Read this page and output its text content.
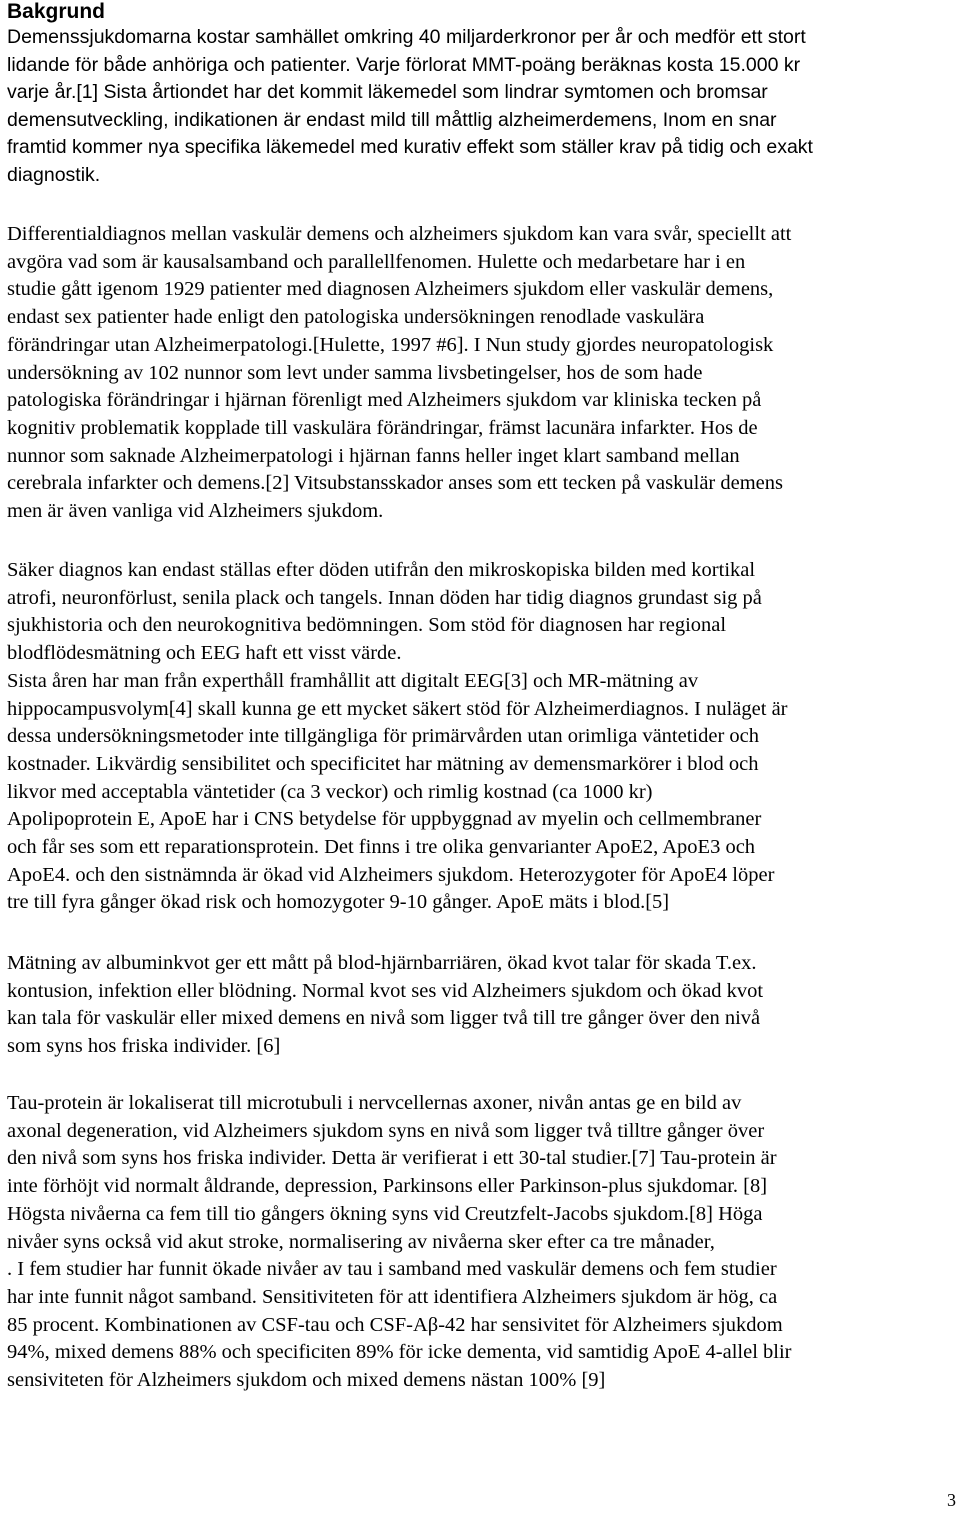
Bakgrund
Demenssjukdomarna kostar samhället omkring 40 miljarderkronor per år och medför ett stort
lidande för både anhöriga och patienter. Varje förlorat MMT-poäng beräknas kosta 15.000 kr
varje år.[1] Sista årtiondet har det kommit läkemedel som lindrar symtomen och bromsar
demensutveckling, indikationen är endast mild till måttlig alzheimerdemens, Inom en snar
framtid kommer nya specifika läkemedel med kurativ effekt som ställer krav på tidig och exakt
diagnostik.
Differentialdiagnos mellan vaskulär demens och alzheimers sjukdom kan vara svår, speciellt att
avgöra vad som är kausalsamband och parallellfenomen. Hulette och medarbetare har i en
studie gått igenom 1929 patienter med diagnosen Alzheimers sjukdom eller vaskulär demens,
endast sex patienter hade enligt den patologiska undersökningen renodlade vaskulära
förändringar utan Alzheimerpatologi.[Hulette, 1997 #6]. I Nun study gjordes neuropatologisk
undersökning av 102 nunnor som levt under samma livsbetingelser, hos de som hade
patologiska förändringar i hjärnan förenligt med Alzheimers sjukdom var kliniska tecken på
kognitiv problematik kopplade till vaskulära förändringar, främst lacunära infarkter. Hos de
nunnor som saknade Alzheimerpatologi i hjärnan fanns heller inget klart samband mellan
cerebrala infarkter och demens.[2] Vitsubstansskador anses som ett tecken på vaskulär demens
men är även vanliga vid Alzheimers sjukdom.
Säker diagnos kan endast ställas efter döden utifrån den mikroskopiska bilden med kortikal
atrofi, neuronförlust, senila plack och tangels. Innan döden har tidig diagnos grundast sig på
sjukhistoria och den neurokognitiva bedömningen. Som stöd för diagnosen har regional
blodflödesmätning och EEG haft ett visst värde.
Sista åren har man från experthåll framhållit att digitalt EEG[3] och MR-mätning av
hippocampusvolym[4] skall kunna ge ett mycket säkert stöd för Alzheimerdiagnos. I nuläget är
dessa undersökningsmetoder inte tillgängliga för primärvården utan orimliga väntetider och
kostnader. Likvärdig sensibilitet och specificitet har mätning av demensmarkörer i blod och
likvor med acceptabla väntetider (ca 3 veckor) och rimlig kostnad (ca 1000 kr)
Apolipoprotein E, ApoE har i CNS betydelse för uppbyggnad av myelin och cellmembraner
och får ses som ett reparationsprotein. Det finns i tre olika genvarianter ApoE2, ApoE3 och
ApoE4. och den sistnämnda är ökad vid Alzheimers sjukdom. Heterozygoter för ApoE4 löper
tre till fyra gånger ökad risk och homozygoter 9-10 gånger. ApoE mäts i blod.[5]
Mätning av albuminkvot ger ett mått på blod-hjärnbarriären, ökad kvot talar för skada T.ex.
kontusion, infektion eller blödning. Normal kvot ses vid Alzheimers sjukdom och ökad kvot
kan tala för vaskulär eller mixed demens en nivå som ligger två till tre gånger över den nivå
som syns hos friska individer. [6]
Tau-protein är lokaliserat till microtubuli i nervcellernas axoner, nivån antas ge en bild av
axonal degeneration, vid Alzheimers sjukdom syns en nivå som ligger två tilltre gånger över
den nivå som syns hos friska individer. Detta är verifierat i ett 30-tal studier.[7] Tau-protein är
inte förhöjt vid normalt åldrande, depression, Parkinsons eller Parkinson-plus sjukdomar. [8]
Högsta nivåerna ca fem till tio gångers ökning syns vid Creutzfelt-Jacobs sjukdom.[8] Höga
nivåer syns också vid akut stroke, normalisering av nivåerna sker efter ca tre månader,
. I fem studier har funnit ökade nivåer av tau i samband med vaskulär demens och fem studier
har inte funnit något samband. Sensitiviteten för att identifiera Alzheimers sjukdom är hög, ca
85 procent. Kombinationen av CSF-tau och CSF-Aβ-42 har sensivitet för Alzheimers sjukdom
94%, mixed demens 88% och specificiten 89% för icke dementa, vid samtidig ApoE 4-allel blir
sensiviteten för Alzheimers sjukdom och mixed demens nästan 100% [9]
3
